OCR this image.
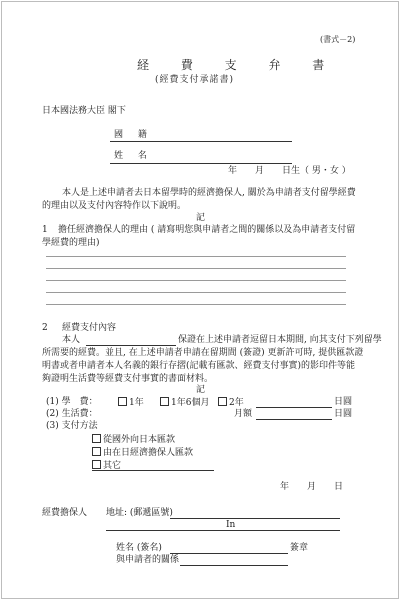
(書式－2)
経 費 支 弁 書
(經費支付承諾書)
日本國法務大臣 閣下
國 籍
姓 名
年　　月　　日生（ 男・女 ）
本人是上述申請者去日本留學時的經濟擔保人, 關於為申請者支付留學經費
的理由以及支付內容特作以下說明。
記
1 擔任經濟擔保人的理由 ( 請寫明您與申請者之間的關係以及為申請者支付留
學經費的理由)
2 經費支付內容
本人	保證在上述申請者逗留日本期間, 向其支付下列留學
所需要的經費。並且, 在上述申請者申請在留期間 (簽證) 更新許可時, 提供匯款證
明書或者申請者本人名義的銀行存摺(記載有匯款、經費支付事實)的影印件等能
夠證明生活費等經費支付事實的書面材料。
記
(1) 學　費：	1年	1年6個月	2年	日圓
(2) 生活費：	月額	日圓
(3) 支付方法
從國外向日本匯款
由在日經濟擔保人匯款
其它
年　　月　　日
經費擔保人 地址: (郵遞區號)
In
姓名 (簽名)	簽章
與申請者的關係
